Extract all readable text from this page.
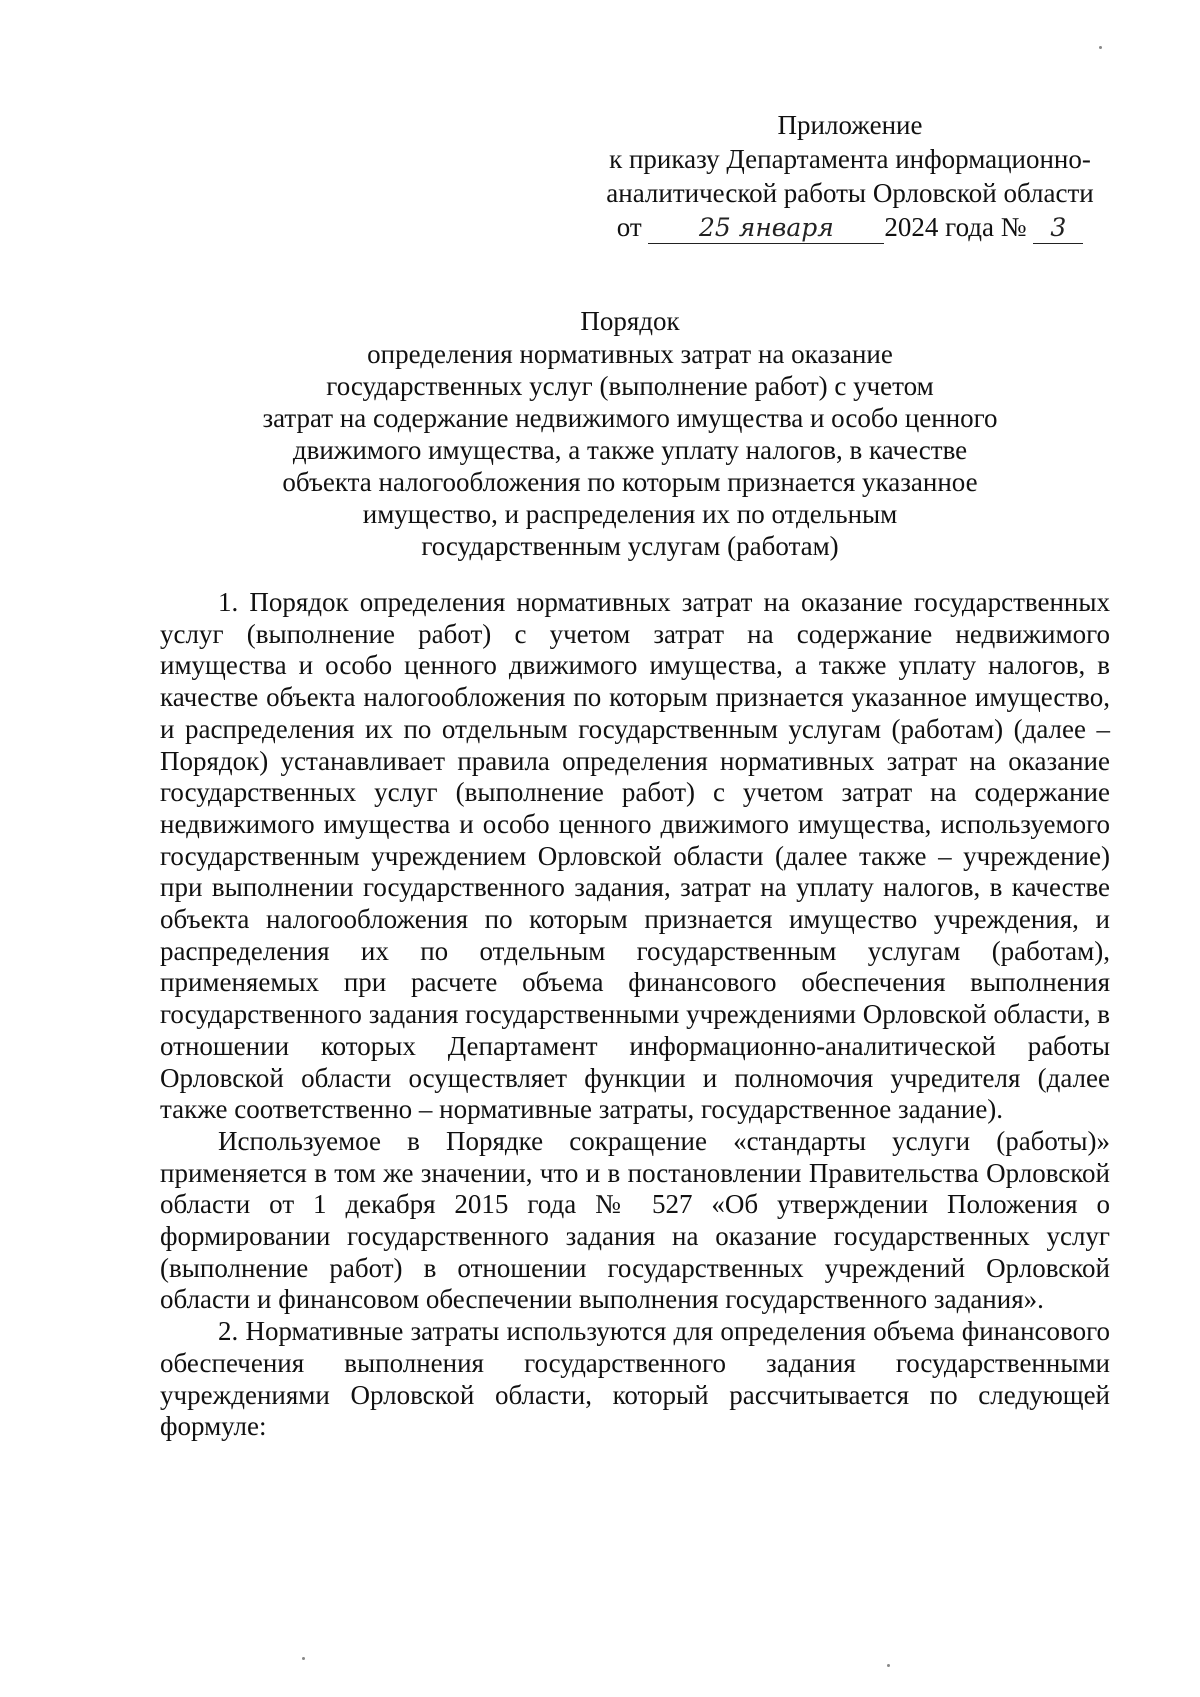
Приложение
к приказу Департамента информационно-
аналитической работы Орловской области
от 25 января 2024 года № 3
Порядок
определения нормативных затрат на оказание
государственных услуг (выполнение работ) с учетом
затрат на содержание недвижимого имущества и особо ценного
движимого имущества, а также уплату налогов, в качестве
объекта налогообложения по которым признается указанное
имущество, и распределения их по отдельным
государственным услугам (работам)

1. Порядок определения нормативных затрат на оказание государственных услуг (выполнение работ) с учетом затрат на содержание недвижимого имущества и особо ценного движимого имущества, а также уплату налогов, в качестве объекта налогообложения по которым признается указанное имущество, и распределения их по отдельным государственным услугам (работам) (далее – Порядок) устанавливает правила определения нормативных затрат на оказание государственных услуг (выполнение работ) с учетом затрат на содержание недвижимого имущества и особо ценного движимого имущества, используемого государственным учреждением Орловской области (далее также – учреждение) при выполнении государственного задания, затрат на уплату налогов, в качестве объекта налогообложения по которым признается имущество учреждения, и распределения их по отдельным государственным услугам (работам), применяемых при расчете объема финансового обеспечения выполнения государственного задания государственными учреждениями Орловской области, в отношении которых Департамент информационно-аналитической работы Орловской области осуществляет функции и полномочия учредителя (далее также соответственно – нормативные затраты, государственное задание).

Используемое в Порядке сокращение «стандарты услуги (работы)» применяется в том же значении, что и в постановлении Правительства Орловской области от 1 декабря 2015 года № 527 «Об утверждении Положения о формировании государственного задания на оказание государственных услуг (выполнение работ) в отношении государственных учреждений Орловской области и финансовом обеспечении выполнения государственного задания».

2. Нормативные затраты используются для определения объема финансового обеспечения выполнения государственного задания государственными учреждениями Орловской области, который рассчитывается по следующей формуле:
